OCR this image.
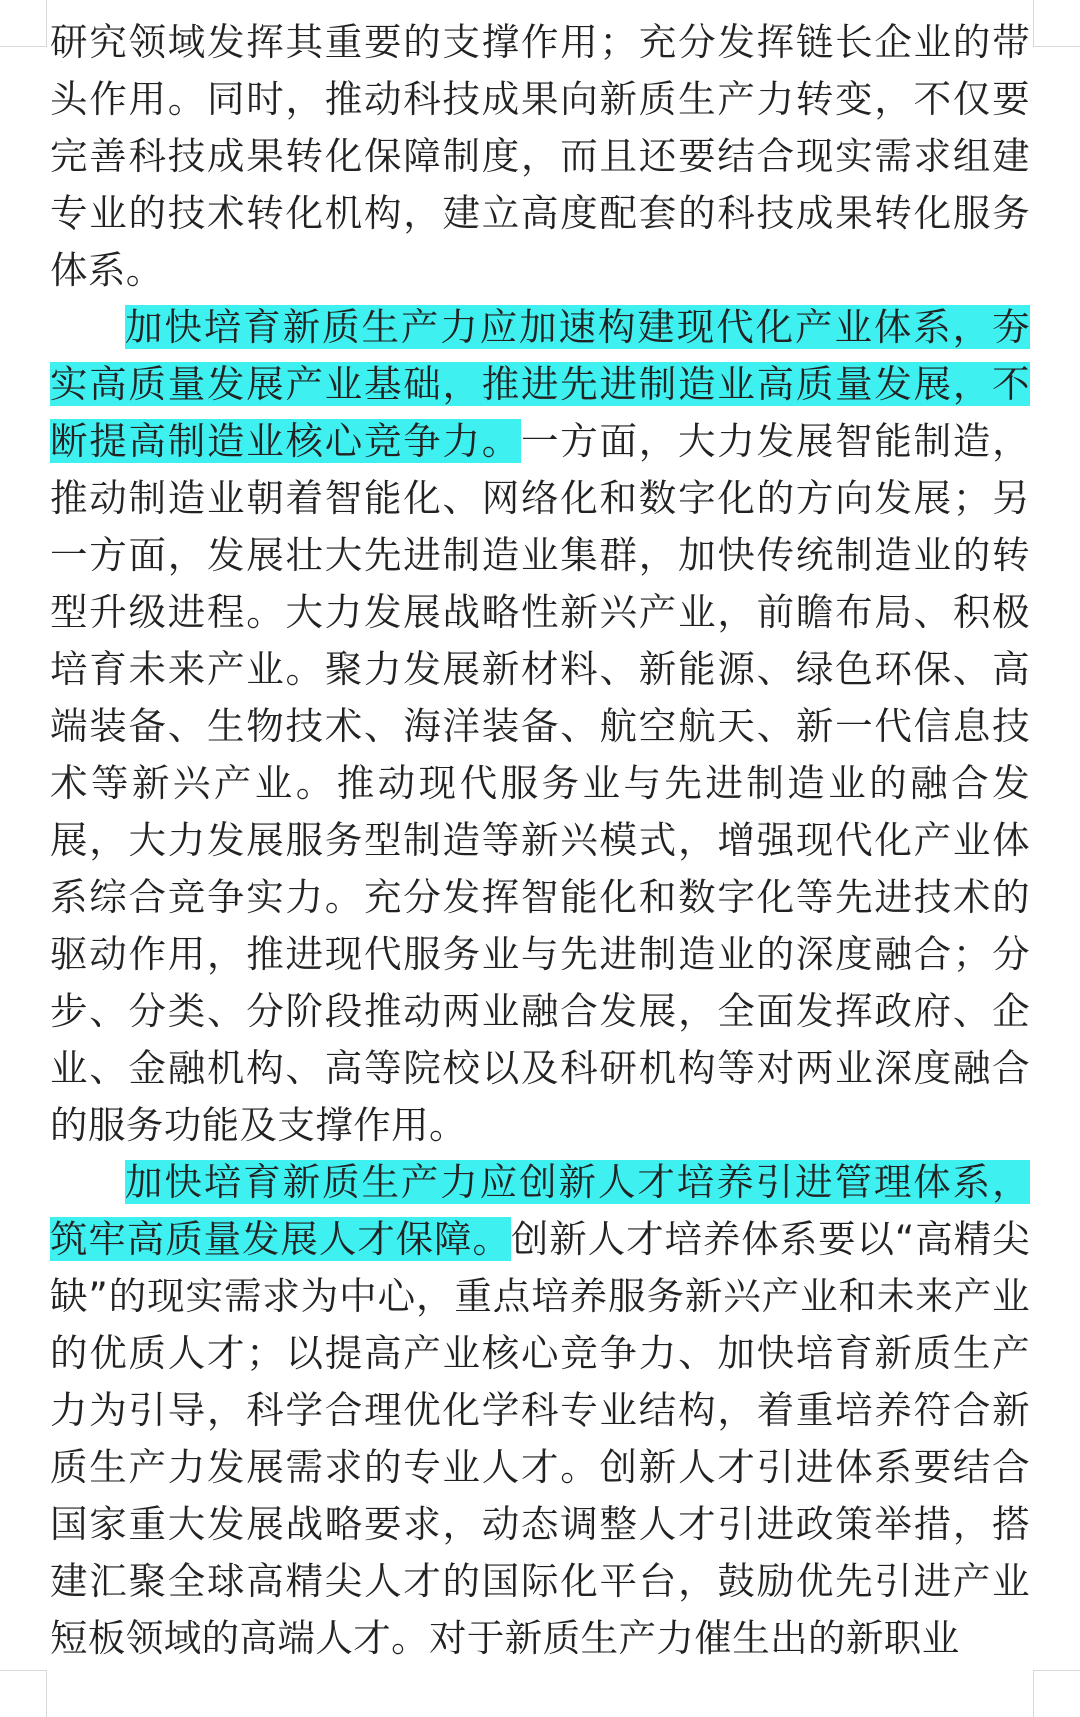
研究领域发挥其重要的支撑作用；充分发挥链长企业的带头作用。同时，推动科技成果向新质生产力转变，不仅要完善科技成果转化保障制度，而且还要结合现实需求组建专业的技术转化机构，建立高度配套的科技成果转化服务体系。

加快培育新质生产力应加速构建现代化产业体系，夯实高质量发展产业基础，推进先进制造业高质量发展，不断提高制造业核心竞争力。一方面，大力发展智能制造，推动制造业朝着智能化、网络化和数字化的方向发展；另一方面，发展壮大先进制造业集群，加快传统制造业的转型升级进程。大力发展战略性新兴产业，前瞻布局、积极培育未来产业。聚力发展新材料、新能源、绿色环保、高端装备、生物技术、海洋装备、航空航天、新一代信息技术等新兴产业。推动现代服务业与先进制造业的融合发展，大力发展服务型制造等新兴模式，增强现代化产业体系综合竞争实力。充分发挥智能化和数字化等先进技术的驱动作用，推进现代服务业与先进制造业的深度融合；分步、分类、分阶段推动两业融合发展，全面发挥政府、企业、金融机构、高等院校以及科研机构等对两业深度融合的服务功能及支撑作用。

加快培育新质生产力应创新人才培养引进管理体系，筑牢高质量发展人才保障。创新人才培养体系要以“高精尖缺”的现实需求为中心，重点培养服务新兴产业和未来产业的优质人才；以提高产业核心竞争力、加快培育新质生产力为引导，科学合理优化学科专业结构，着重培养符合新质生产力发展需求的专业人才。创新人才引进体系要结合国家重大发展战略要求，动态调整人才引进政策举措，搭建汇聚全球高精尖人才的国际化平台，鼓励优先引进产业短板领域的高端人才。对于新质生产力催生出的新职业
